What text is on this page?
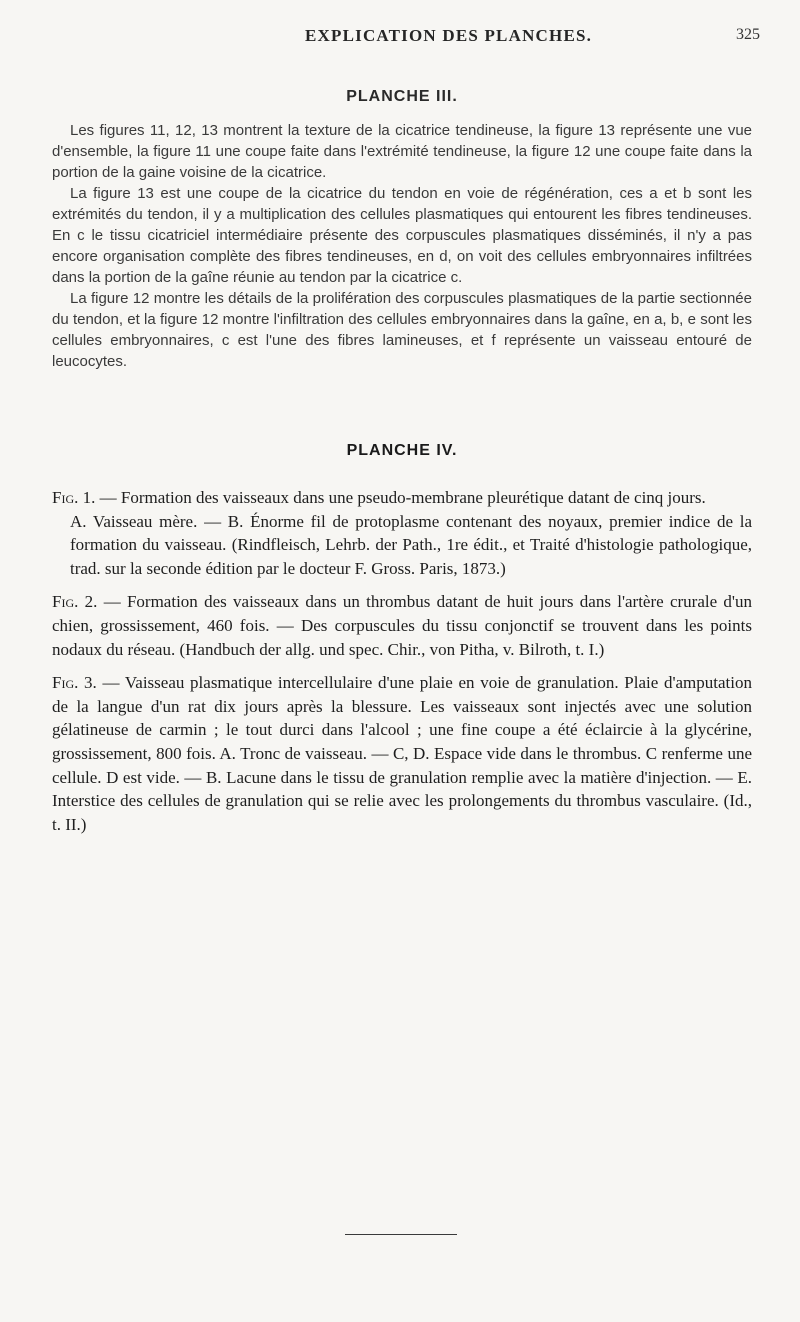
EXPLICATION DES PLANCHES.	325
PLANCHE III.

Les figures 11, 12, 13 montrent la texture de la cicatrice tendineuse, la figure 13 représente une vue d'ensemble, la figure 11 une coupe faite dans l'extrémité tendineuse, la figure 12 une coupe faite dans la portion de la gaine voisine de la cicatrice.

La figure 13 est une coupe de la cicatrice du tendon en voie de régénération, ces a et b sont les extrémités du tendon, il y a multiplication des cellules plasmatiques qui entourent les fibres tendineuses. En c le tissu cicatriciel intermédiaire présente des corpuscules plasmatiques disséminés, il n'y a pas encore organisation complète des fibres tendineuses, en d, on voit des cellules embryonnaires infiltrées dans la portion de la gaîne réunie au tendon par la cicatrice c.

La figure 12 montre les détails de la prolifération des corpuscules plasmatiques de la partie sectionnée du tendon, et la figure 12 montre l'infiltration des cellules embryonnaires dans la gaîne, en a, b, e sont les cellules embryonnaires, c est l'une des fibres lamineuses, et f représente un vaisseau entouré de leucocytes.

PLANCHE IV.
Fig. 1. — Formation des vaisseaux dans une pseudo-membrane pleurétique datant de cinq jours.
A. Vaisseau mère. — B. Énorme fil de protoplasme contenant des noyaux, premier indice de la formation du vaisseau. (Rindfleisch, Lehrb. der Path., 1re édit., et Traité d'histologie pathologique, trad. sur la seconde édition par le docteur F. Gross. Paris, 1873.)
Fig. 2. — Formation des vaisseaux dans un thrombus datant de huit jours dans l'artère crurale d'un chien, grossissement, 460 fois. — Des corpuscules du tissu conjonctif se trouvent dans les points nodaux du réseau. (Handbuch der allg. und spec. Chir., von Pitha, v. Bilroth, t. I.)
Fig. 3. — Vaisseau plasmatique intercellulaire d'une plaie en voie de granulation. Plaie d'amputation de la langue d'un rat dix jours après la blessure. Les vaisseaux sont injectés avec une solution gélatineuse de carmin ; le tout durci dans l'alcool ; une fine coupe a été éclaircie à la glycérine, grossissement, 800 fois. A. Tronc de vaisseau. — C, D. Espace vide dans le thrombus. C renferme une cellule. D est vide. — B. Lacune dans le tissu de granulation remplie avec la matière d'injection. — E. Interstice des cellules de granulation qui se relie avec les prolongements du thrombus vasculaire. (Id., t. II.)
